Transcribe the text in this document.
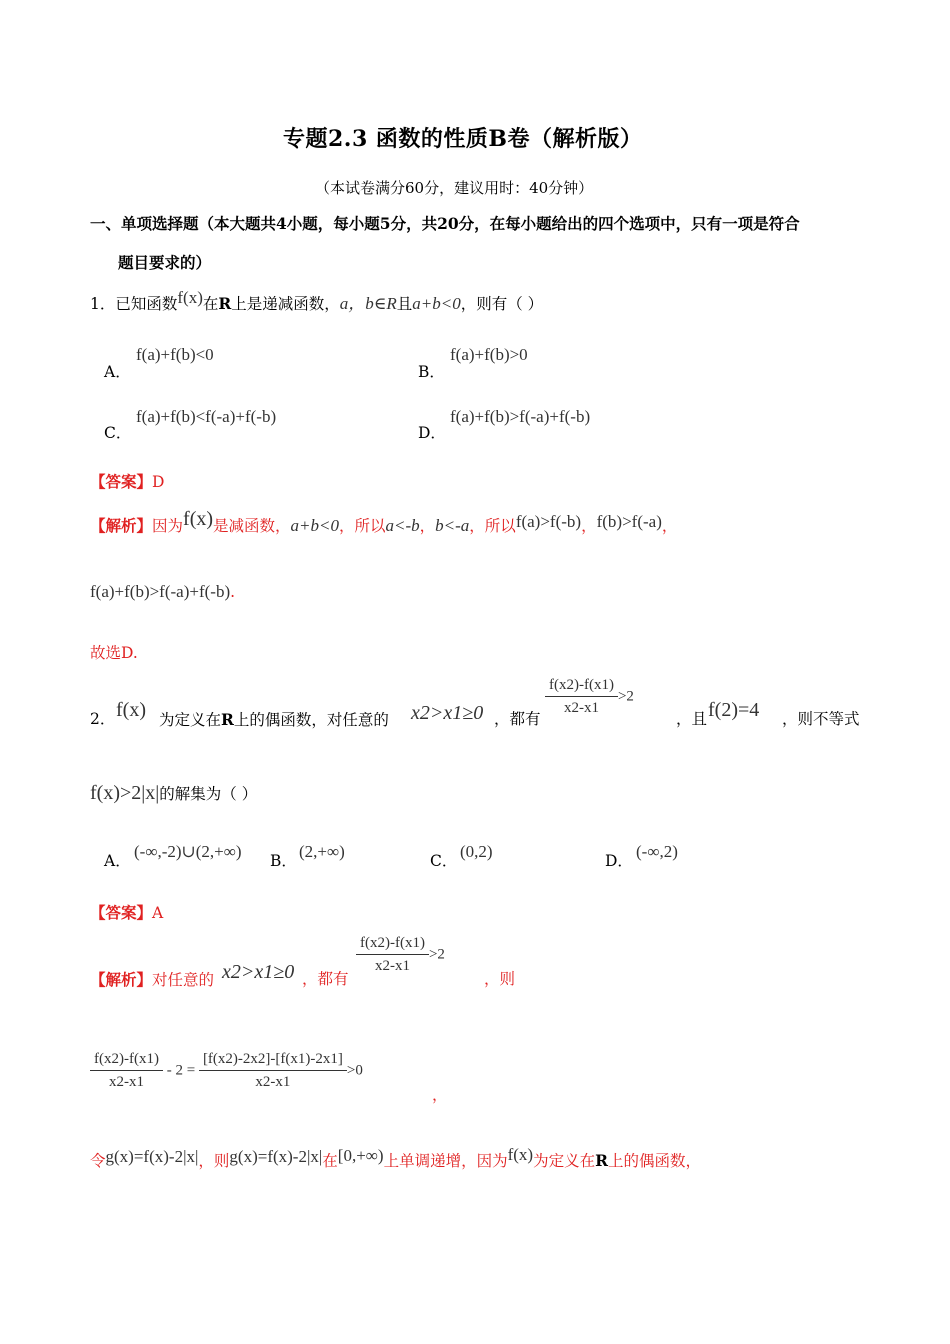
专题2.3 函数的性质B卷（解析版）
（本试卷满分60分，建议用时：40分钟）
一、单项选择题（本大题共4小题，每小题5分，共20分，在每小题给出的四个选项中，只有一项是符合
题目要求的）
1．已知函数f(x)在R上是递减函数，a，b∈R且a+b<0，则有（ ）
A．
f(a)+f(b)<0
B．
f(a)+f(b)>0
C．
f(a)+f(b)<f(-a)+f(-b)
D．
f(a)+f(b)>f(-a)+f(-b)
【答案】D
【解析】因为f(x)是减函数，a+b<0，所以a<-b，b<-a，所以f(a)>f(-b)，f(b)>f(-a)，
f(a)+f(b)>f(-a)+f(-b).
故选D.
2． f(x) 为定义在R上的偶函数，对任意的 x2>x1≥0 ，都有
$\frac{f(x2)-f(x1)}{x2-x1} >2$
，且 f(2)=4 ，则不等式
f(x)>2|x|的解集为（ ）
A． (-∞,-2)∪(2,+∞) B． (2,+∞)	C． (0,2)	D． (-∞,2)
【答案】A
【解析】对任意的 x2>x1≥0 ，都有
$\frac{f(x2)-f(x1)}{x2-x1} >2$
，则
$\frac{f(x2)-f(x1)}{x2-x1} - 2 = \frac{[f(x2)-2x2]-[f(x1)-2x1]}{x2-x1} >0$
，
令g(x)=f(x)-2|x|，则g(x)=f(x)-2|x|在[0,+∞)上单调递增，因为f(x)为定义在R上的偶函数，
